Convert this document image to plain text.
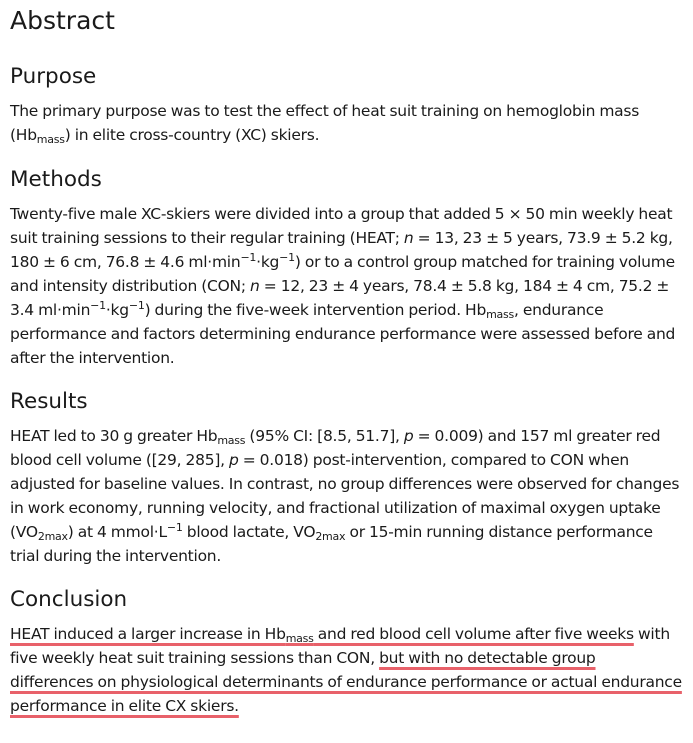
Abstract
Purpose

The primary purpose was to test the effect of heat suit training on hemoglobin mass $(Hb_{mass})$ in elite cross-country (XC) skiers.

Methods

Twenty-five male XC-skiers were divided into a group that added 5 × 50 min weekly heat suit training sessions to their regular training (HEAT; n = 13, 23 ± 5 years, 73.9 ± 5.2 kg, 180 ± 6 cm, 76.8 ± 4.6 $ml\cdot\min^{-1}\cdot kg^{-1}$) or to a control group matched for training volume and intensity distribution (CON; n = 12, 23 ± 4 years, 78.4 ± 5.8 kg, 184 ± 4 cm, 75.2 ± 3.4 $ml\cdot\min^{-1}\cdot kg^{-1}$) during the five-week intervention period. $Hb_{mass}$, endurance performance and factors determining endurance performance were assessed before and after the intervention.

Results

HEAT led to 30 g greater $Hb_{mass}$ (95% CI: [8.5, 51.7], p = 0.009) and 157 ml greater red blood cell volume ([29, 285], p = 0.018) post-intervention, compared to CON when adjusted for baseline values. In contrast, no group differences were observed for changes in work economy, running velocity, and fractional utilization of maximal oxygen uptake $(VO_{2max})$ at 4 $mmol\cdot L^{-1}$ blood lactate, $VO_{2max}$ or 15-min running distance performance trial during the intervention.

Conclusion

HEAT induced a larger increase in $Hb_{mass}$ and red blood cell volume after five weeks with five weekly heat suit training sessions than CON, but with no detectable group differences on physiological determinants of endurance performance or actual endurance performance in elite CX skiers.
